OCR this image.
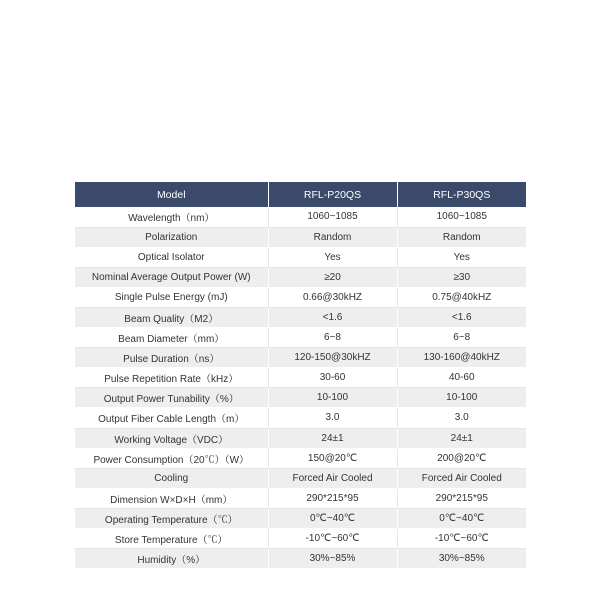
Model	RFL-P20QS	RFL-P30QS
Wavelength（nm）	1060~1085	1060~1085
Polarization	Random	Random
Optical Isolator	Yes	Yes
Nominal Average Output Power (W)	≥20	≥30
Single Pulse Energy (mJ)	0.66@30kHZ	0.75@40kHZ
Beam Quality（M2）	<1.6	<1.6
Beam Diameter（mm）	6~8	6~8
Pulse Duration（ns）	120-150@30kHZ	130-160@40kHZ
Pulse Repetition Rate（kHz）	30-60	40-60
Output Power Tunability（%）	10-100	10-100
Output Fiber Cable Length（m）	3.0	3.0
Working Voltage（VDC）	24±1	24±1
Power Consumption（20℃）（W）	150@20℃	200@20℃
Cooling	Forced Air Cooled	Forced Air Cooled
Dimension W×D×H（mm）	290*215*95	290*215*95
Operating Temperature（℃）	0℃~40℃	0℃~40℃
Store Temperature（℃）	-10℃~60℃	-10℃~60℃
Humidity（%）	30%~85%	30%~85%
